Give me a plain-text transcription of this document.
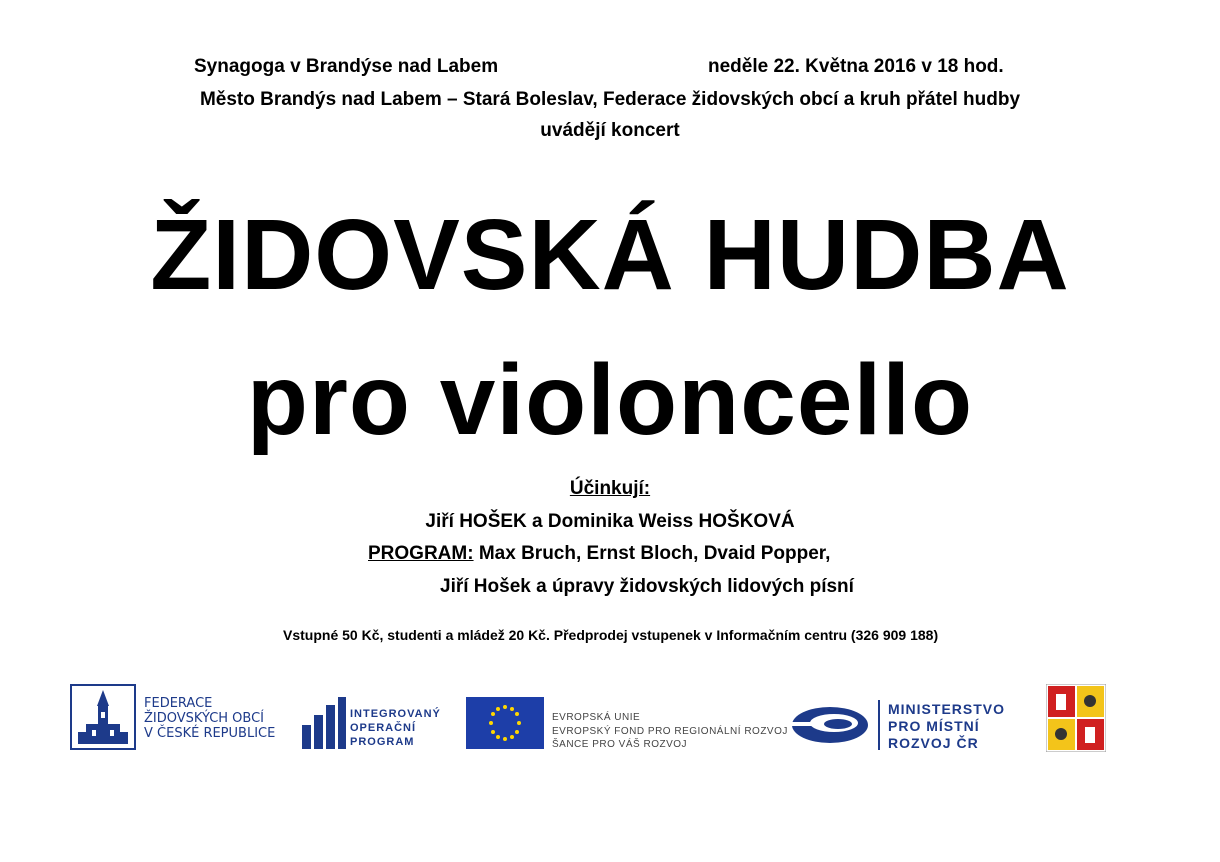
Synagoga v Brandýse nad Labem	neděle 22. Května 2016 v 18 hod.
Město Brandýs nad Labem – Stará Boleslav, Federace židovských obcí a kruh přátel hudby
uvádějí koncert
ŽIDOVSKÁ HUDBA
pro violoncello
Účinkují:
Jiří HOŠEK a Dominika Weiss HOŠKOVÁ
PROGRAM: Max Bruch, Ernst Bloch, Dvaid Popper,
Jiří Hošek a úpravy židovských lidových písní
Vstupné 50 Kč, studenti a mládež 20 Kč. Předprodej vstupenek v Informačním centru (326 909 188)
FEDERACE
ŽIDOVSKÝCH OBCÍ
V ČESKÉ REPUBLICE
INTEGROVANÝ
OPERAČNÍ
PROGRAM
EVROPSKÁ UNIE
EVROPSKÝ FOND PRO REGIONÁLNÍ ROZVOJ
ŠANCE PRO VÁŠ ROZVOJ
MINISTERSTVO
PRO MÍSTNÍ
ROZVOJ ČR
